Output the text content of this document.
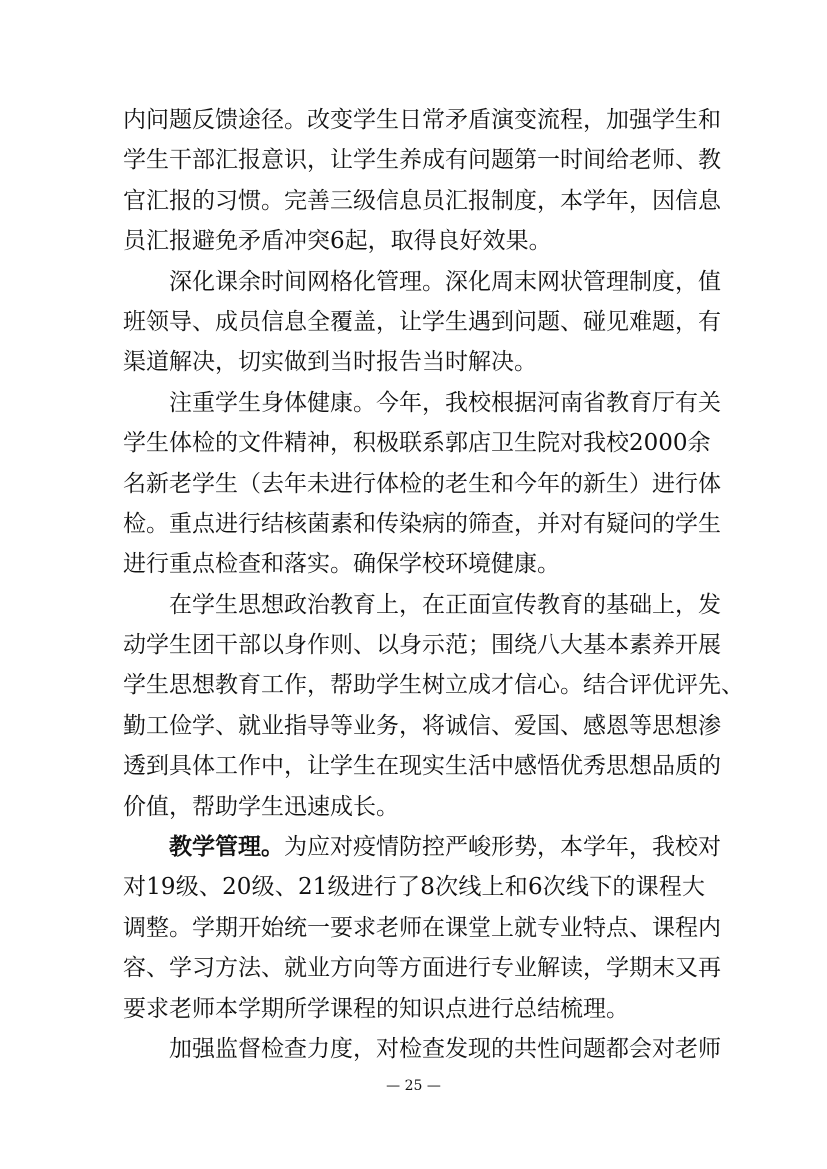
内 问 题 反 馈 途 径 。 改 变 学 生 日 常 矛 盾 演 变 流 程 ， 加 强 学 生 和
学 生 干 部 汇 报 意 识 ， 让 学 生 养 成 有 问 题 第 一 时 间 给 老 师 、 教
官 汇 报 的 习 惯 。 完 善 三 级 信 息 员 汇 报 制 度 ， 本 学 年 ， 因 信 息
员 汇 报 避 免 矛 盾 冲 突 6 起 ， 取 得 良 好 效 果 。
深 化 课 余 时 间 网 格 化 管 理 。 深 化 周 末 网 状 管 理 制 度 ， 值
班 领 导 、 成 员 信 息 全 覆 盖 ， 让 学 生 遇 到 问 题 、 碰 见 难 题 ， 有
渠 道 解 决 ， 切 实 做 到 当 时 报 告 当 时 解 决 。
注 重 学 生 身 体 健 康 。 今 年 ， 我 校 根 据 河 南 省 教 育 厅 有 关
学 生 体 检 的 文 件 精 神 ， 积 极 联 系 郭 店 卫 生 院 对 我 校 2000 余
名 新 老 学 生 （ 去 年 未 进 行 体 检 的 老 生 和 今 年 的 新 生 ） 进 行 体
检 。 重 点 进 行 结 核 菌 素 和 传 染 病 的 筛 查 ， 并 对 有 疑 问 的 学 生
进 行 重 点 检 查 和 落 实 。 确 保 学 校 环 境 健 康 。
在 学 生 思 想 政 治 教 育 上 ， 在 正 面 宣 传 教 育 的 基 础 上 ， 发
动 学 生 团 干 部 以 身 作 则 、 以 身 示 范 ； 围 绕 八 大 基 本 素 养 开 展
学 生 思 想 教 育 工 作 ， 帮 助 学 生 树 立 成 才 信 心 。 结 合 评 优 评 先 、
勤 工 俭 学 、 就 业 指 导 等 业 务 ， 将 诚 信 、 爱 国 、 感 恩 等 思 想 渗
透 到 具 体 工 作 中 ， 让 学 生 在 现 实 生 活 中 感 悟 优 秀 思 想 品 质 的
价 值 ， 帮 助 学 生 迅 速 成 长 。
教 学 管 理 。 为 应 对 疫 情 防 控 严 峻 形 势 ， 本 学 年 ， 我 校 对
对 19 级 、 20 级 、 21 级 进 行 了 8 次 线 上 和 6 次 线 下 的 课 程 大
调 整 。 学 期 开 始 统 一 要 求 老 师 在 课 堂 上 就 专 业 特 点 、 课 程 内
容 、 学 习 方 法 、 就 业 方 向 等 方 面 进 行 专 业 解 读 ， 学 期 末 又 再
要 求 老 师 本 学 期 所 学 课 程 的 知 识 点 进 行 总 结 梳 理 。
加 强 监 督 检 查 力 度 ， 对 检 查 发 现 的 共 性 问 题 都 会 对 老 师
— 25 —
